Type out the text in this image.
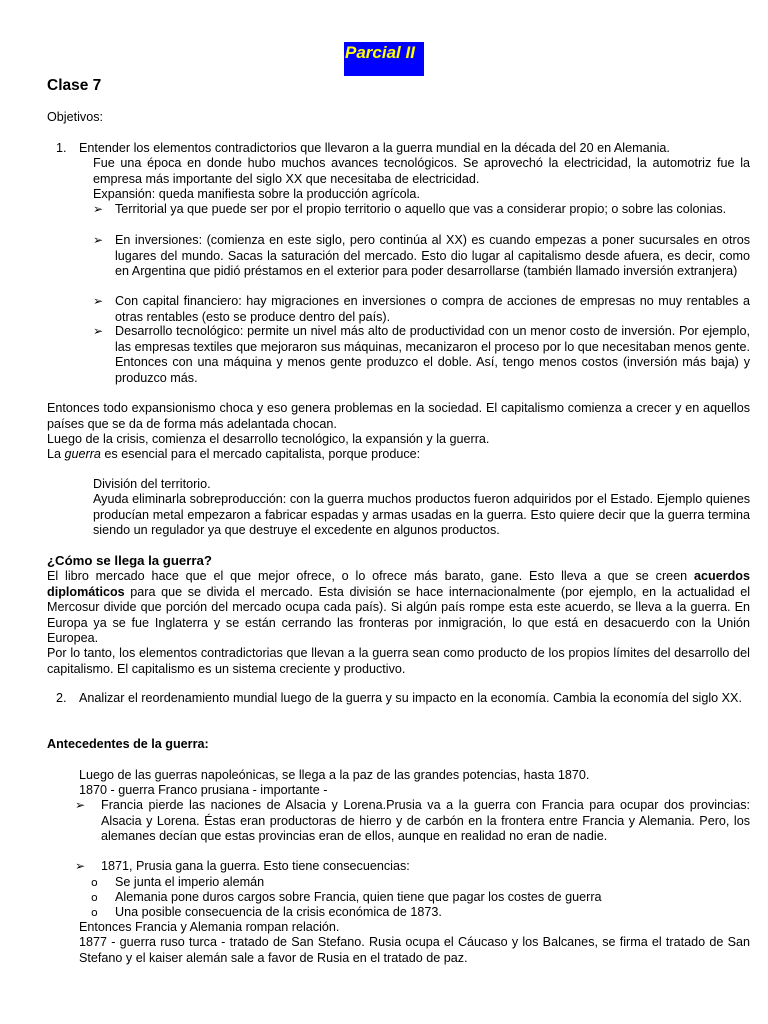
Parcial II
Clase 7
Objetivos:
1. Entender los elementos contradictorios que llevaron a la guerra mundial en la década del 20 en Alemania.
Fue una época en donde hubo muchos avances tecnológicos. Se aprovechó la electricidad, la automotriz fue la empresa más importante del siglo XX que necesitaba de electricidad.
Expansión: queda manifiesta sobre la producción agrícola.
➢ Territorial ya que puede ser por el propio territorio o aquello que vas a considerar propio; o sobre las colonias.
➢ En inversiones: (comienza en este siglo, pero continúa al XX) es cuando empezas a poner sucursales en otros lugares del mundo. Sacas la saturación del mercado. Esto dio lugar al capitalismo desde afuera, es decir, como en Argentina que pidió préstamos en el exterior para poder desarrollarse (también llamado inversión extranjera)
➢ Con capital financiero: hay migraciones en inversiones o compra de acciones de empresas no muy rentables a otras rentables (esto se produce dentro del país).
➢ Desarrollo tecnológico: permite un nivel más alto de productividad con un menor costo de inversión. Por ejemplo, las empresas textiles que mejoraron sus máquinas, mecanizaron el proceso por lo que necesitaban menos gente. Entonces con una máquina y menos gente produzco el doble. Así, tengo menos costos (inversión más baja) y produzco más.
Entonces todo expansionismo choca y eso genera problemas en la sociedad. El capitalismo comienza a crecer y en aquellos países que se da de forma más adelantada chocan.
Luego de la crisis, comienza el desarrollo tecnológico, la expansión y la guerra.
La guerra es esencial para el mercado capitalista, porque produce:
División del territorio.
Ayuda eliminarla sobreproducción: con la guerra muchos productos fueron adquiridos por el Estado. Ejemplo quienes producían metal empezaron a fabricar espadas y armas usadas en la guerra. Esto quiere decir que la guerra termina siendo un regulador ya que destruye el excedente en algunos productos.
¿Cómo se llega la guerra?
El libro mercado hace que el que mejor ofrece, o lo ofrece más barato, gane. Esto lleva a que se creen acuerdos diplomáticos para que se divida el mercado. Esta división se hace internacionalmente (por ejemplo, en la actualidad el Mercosur divide que porción del mercado ocupa cada país). Si algún país rompe esta este acuerdo, se lleva a la guerra. En Europa ya se fue Inglaterra y se están cerrando las fronteras por inmigración, lo que está en desacuerdo con la Unión Europea.
Por lo tanto, los elementos contradictorias que llevan a la guerra sean como producto de los propios límites del desarrollo del capitalismo. El capitalismo es un sistema creciente y productivo.
2. Analizar el reordenamiento mundial luego de la guerra y su impacto en la economía. Cambia la economía del siglo XX.
Antecedentes de la guerra:
Luego de las guerras napoleónicas, se llega a la paz de las grandes potencias, hasta 1870.
1870 - guerra Franco prusiana - importante -
➢ Francia pierde las naciones de Alsacia y Lorena.Prusia va a la guerra con Francia para ocupar dos provincias: Alsacia y Lorena. Éstas eran productoras de hierro y de carbón en la frontera entre Francia y Alemania. Pero, los alemanes decían que estas provincias eran de ellos, aunque en realidad no eran de nadie.
➢ 1871, Prusia gana la guerra. Esto tiene consecuencias:
o Se junta el imperio alemán
o Alemania pone duros cargos sobre Francia, quien tiene que pagar los costes de guerra
o Una posible consecuencia de la crisis económica de 1873.
Entonces Francia y Alemania rompan relación.
1877 - guerra ruso turca - tratado de San Stefano. Rusia ocupa el Cáucaso y los Balcanes, se firma el tratado de San Stefano y el kaiser alemán sale a favor de Rusia en el tratado de paz.
